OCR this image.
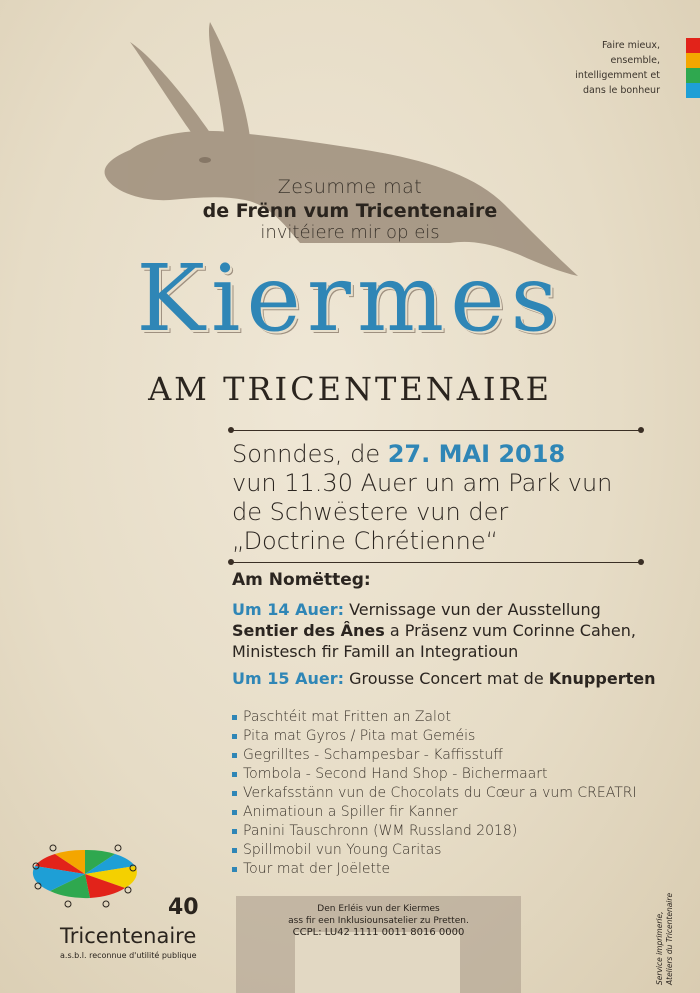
Faire mieux,
ensemble,
intelligemment et
dans le bonheur
Zesumme mat
de Frënn vum Tricentenaire
invitéiere mir op eis
Kiermes
AM TRICENTENAIRE
Sonndes, de 27. MAI 2018
vun 11.30 Auer un am Park vun
de Schwëstere vun der
„Doctrine Chrétienne“
Am Nomëtteg:
Um 14 Auer: Vernissage vun der Ausstellung
Sentier des Ânes a Präsenz vum Corinne Cahen,
Ministesch fir Famill an Integratioun
Um 15 Auer: Grousse Concert mat de Knupperten
Paschtéit mat Fritten an Zalot
Pita mat Gyros / Pita mat Geméis
Gegrilltes - Schampesbar - Kaffisstuff
Tombola - Second Hand Shop - Bichermaart
Verkafsstänn vun de Chocolats du Cœur a vum CREATRI
Animatioun a Spiller fir Kanner
Panini Tauschronn (WM Russland 2018)
Spillmobil vun Young Caritas
Tour mat der Joëlette
40
Tricentenaire
a.s.b.l. reconnue d'utilité publique
Den Erléis vun der Kiermes
ass fir een Inklusiounsatelier zu Pretten.
CCPL: LU42 1111 0011 8016 0000	Service imprimerie,
Ateliers du Tricentenaire
